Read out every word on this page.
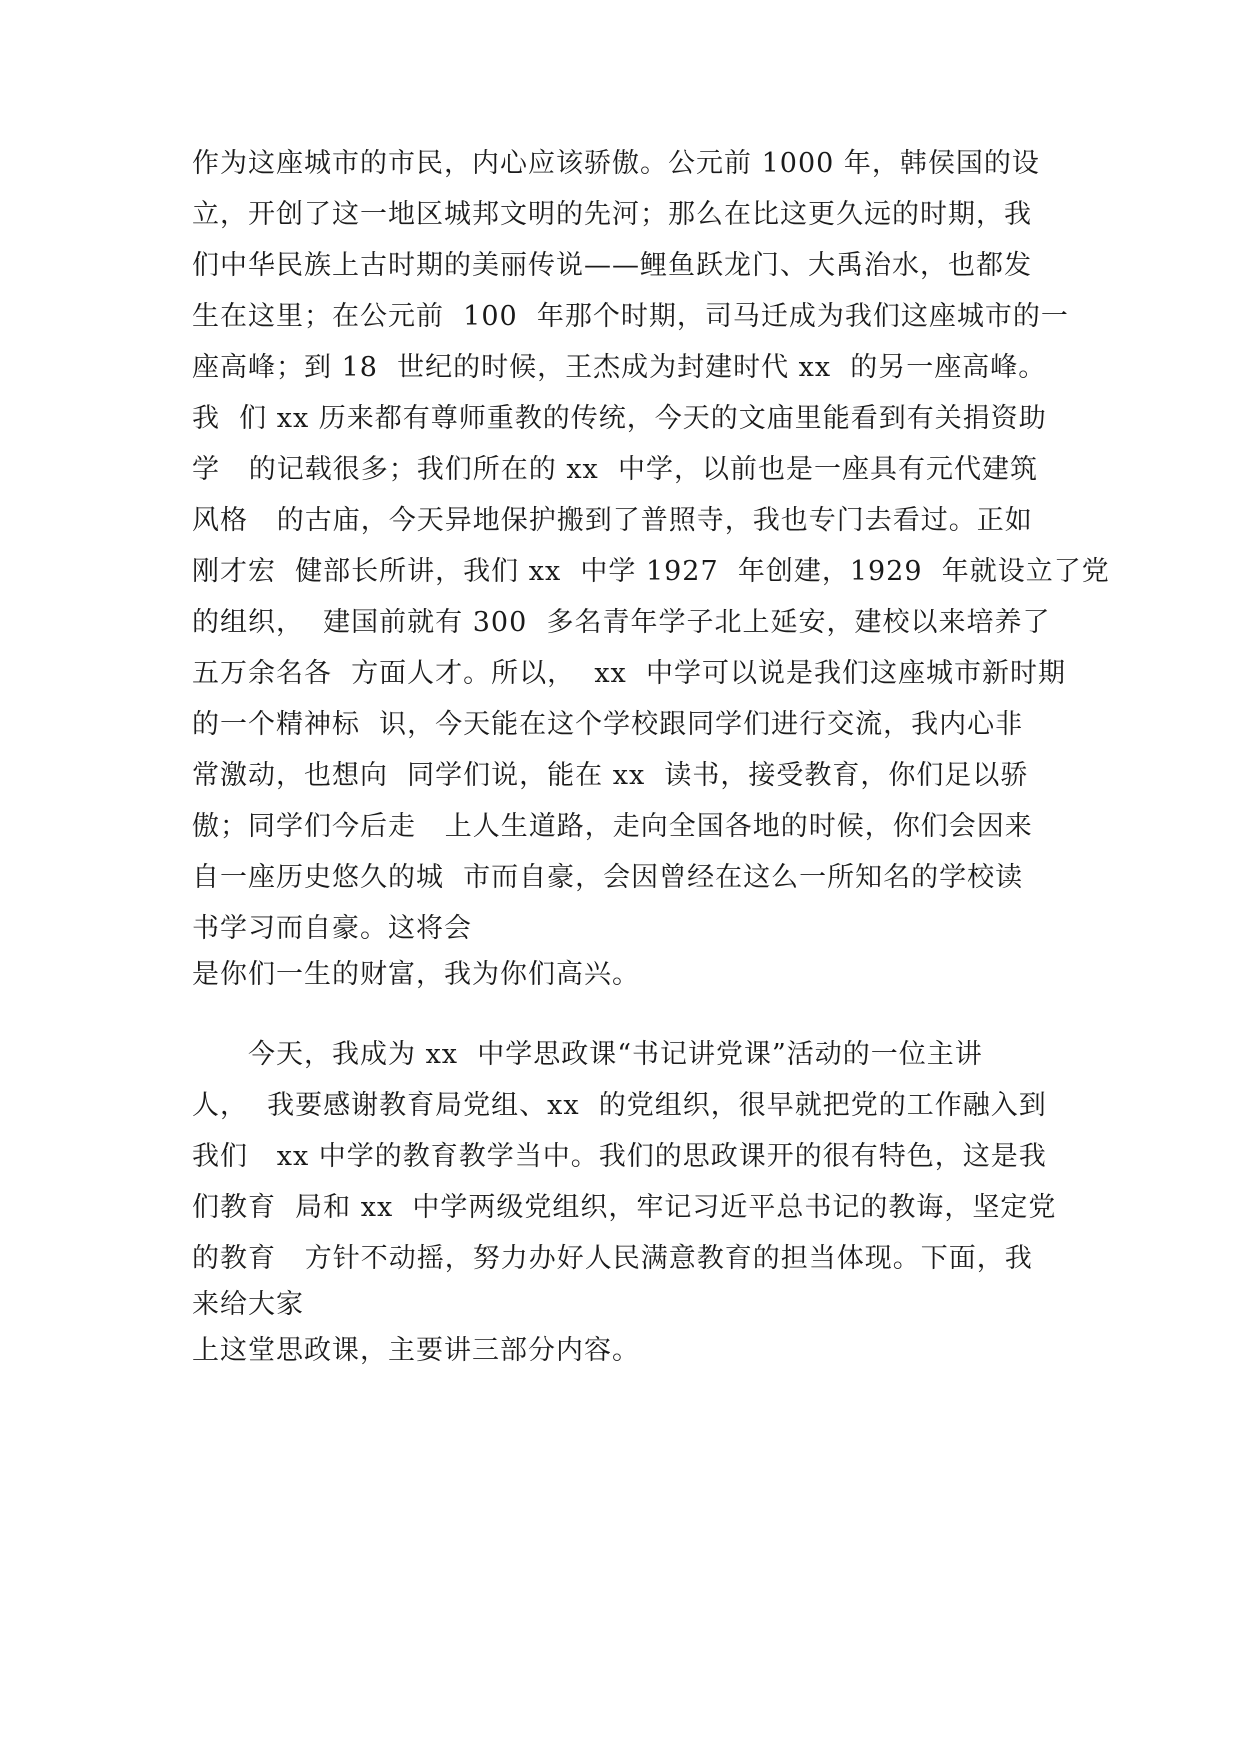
作为这座城市的市民，内心应该骄傲。公元前 1000 年，韩侯国的设
立，开创了这一地区城邦文明的先河；那么在比这更久远的时期，我
们中华民族上古时期的美丽传说——鲤鱼跃龙门、大禹治水，也都发
生在这里；在公元前  100  年那个时期，司马迁成为我们这座城市的一
座高峰；到 18  世纪的时候，王杰成为封建时代 xx  的另一座高峰。
我  们 xx 历来都有尊师重教的传统，今天的文庙里能看到有关捐资助
学   的记载很多；我们所在的 xx  中学，以前也是一座具有元代建筑
风格   的古庙，今天异地保护搬到了普照寺，我也专门去看过。正如
刚才宏  健部长所讲，我们 xx  中学 1927  年创建，1929  年就设立了党
的组织，  建国前就有 300  多名青年学子北上延安，建校以来培养了
五万余名各  方面人才。所以，  xx  中学可以说是我们这座城市新时期
的一个精神标  识，今天能在这个学校跟同学们进行交流，我内心非
常激动，也想向  同学们说，能在 xx  读书，接受教育，你们足以骄
傲；同学们今后走   上人生道路，走向全国各地的时候，你们会因来
自一座历史悠久的城  市而自豪，会因曾经在这么一所知名的学校读
书学习而自豪。这将会
是你们一生的财富，我为你们高兴。
今天，我成为 xx  中学思政课“书记讲党课”活动的一位主讲
人，  我要感谢教育局党组、xx  的党组织，很早就把党的工作融入到
我们   xx 中学的教育教学当中。我们的思政课开的很有特色，这是我
们教育  局和 xx  中学两级党组织，牢记习近平总书记的教诲，坚定党
的教育   方针不动摇，努力办好人民满意教育的担当体现。下面，我
来给大家
上这堂思政课，主要讲三部分内容。
